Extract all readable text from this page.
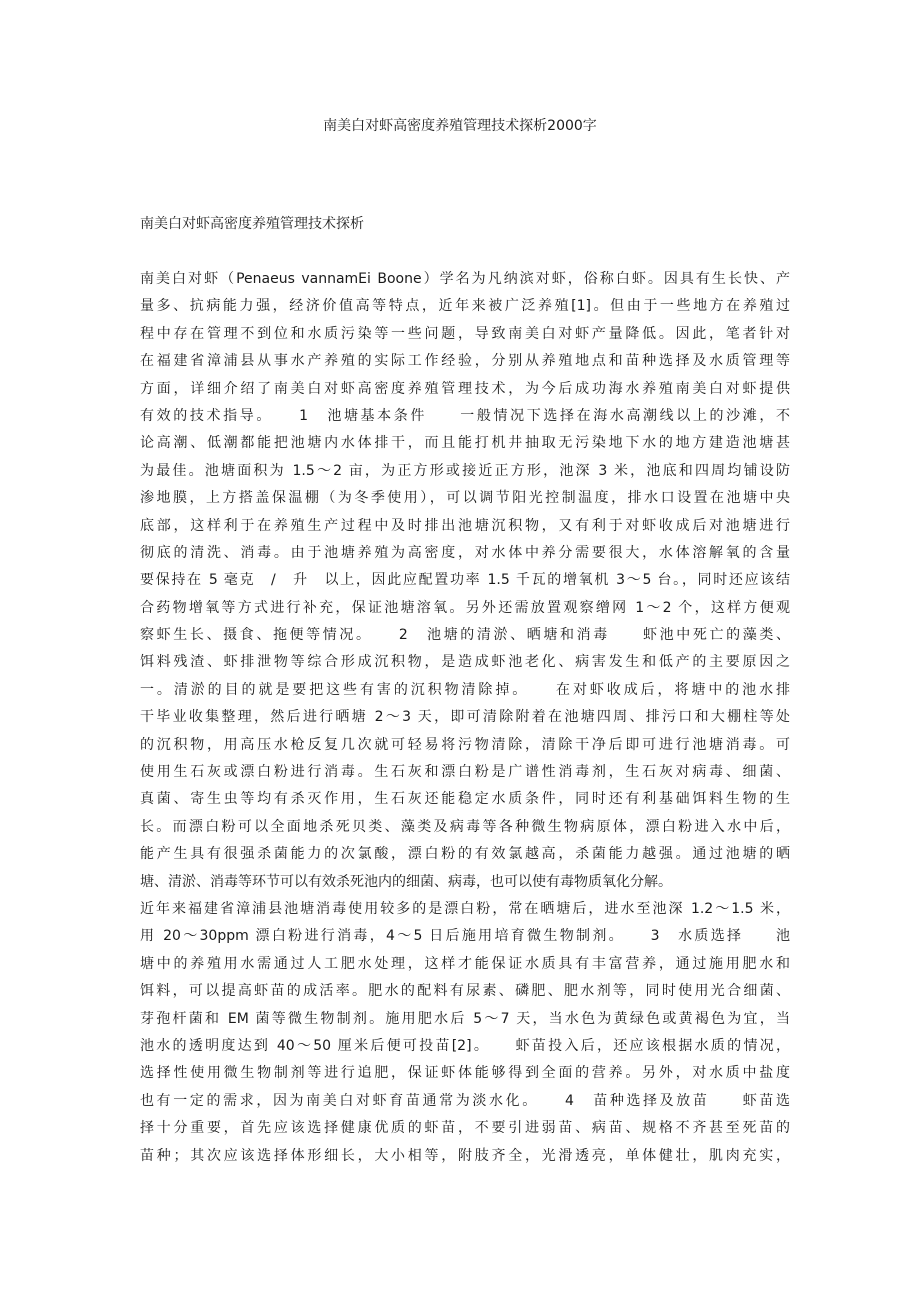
南美白对虾高密度养殖管理技术探析2000字
南美白对虾高密度养殖管理技术探析
南美白对虾（Penaeus vannamEi Boone）学名为凡纳滨对虾，俗称白虾。因具有生长快、产
量多、抗病能力强，经济价值高等特点，近年来被广泛养殖[1]。但由于一些地方在养殖过
程中存在管理不到位和水质污染等一些问题，导致南美白对虾产量降低。因此，笔者针对
在福建省漳浦县从事水产养殖的实际工作经验，分别从养殖地点和苗种选择及水质管理等
方面，详细介绍了南美白对虾高密度养殖管理技术，为今后成功海水养殖南美白对虾提供
有效的技术指导。　　1　池塘基本条件　　一般情况下选择在海水高潮线以上的沙滩，不
论高潮、低潮都能把池塘内水体排干，而且能打机井抽取无污染地下水的地方建造池塘甚
为最佳。池塘面积为 1.5～2 亩，为正方形或接近正方形，池深 3 米，池底和四周均铺设防
渗地膜，上方搭盖保温棚（为冬季使用），可以调节阳光控制温度，排水口设置在池塘中央
底部，这样利于在养殖生产过程中及时排出池塘沉积物，又有利于对虾收成后对池塘进行
彻底的清洗、消毒。由于池塘养殖为高密度，对水体中养分需要很大，水体溶解氧的含量
要保持在 5 毫克　/　升　以上，因此应配置功率 1.5 千瓦的增氧机 3～5 台。，同时还应该结
合药物增氧等方式进行补充，保证池塘溶氧。另外还需放置观察缯网 1～2 个，这样方便观
察虾生长、摄食、拖便等情况。　　2　池塘的清淤、晒塘和消毒　　虾池中死亡的藻类、
饵料残渣、虾排泄物等综合形成沉积物，是造成虾池老化、病害发生和低产的主要原因之
一。清淤的目的就是要把这些有害的沉积物清除掉。　　在对虾收成后，将塘中的池水排
干毕业收集整理，然后进行晒塘 2～3 天，即可清除附着在池塘四周、排污口和大棚柱等处
的沉积物，用高压水枪反复几次就可轻易将污物清除，清除干净后即可进行池塘消毒。可
使用生石灰或漂白粉进行消毒。生石灰和漂白粉是广谱性消毒剂，生石灰对病毒、细菌、
真菌、寄生虫等均有杀灭作用，生石灰还能稳定水质条件，同时还有利基础饵料生物的生
长。而漂白粉可以全面地杀死贝类、藻类及病毒等各种微生物病原体，漂白粉进入水中后，
能产生具有很强杀菌能力的次氯酸，漂白粉的有效氯越高，杀菌能力越强。通过池塘的晒
塘、清淤、消毒等环节可以有效杀死池内的细菌、病毒，也可以使有毒物质氧化分解。
近年来福建省漳浦县池塘消毒使用较多的是漂白粉，常在晒塘后，进水至池深 1.2～1.5 米，
用 20～30ppm 漂白粉进行消毒，4～5 日后施用培育微生物制剂。　　3　水质选择　　池
塘中的养殖用水需通过人工肥水处理，这样才能保证水质具有丰富营养，通过施用肥水和
饵料，可以提高虾苗的成活率。肥水的配料有尿素、磷肥、肥水剂等，同时使用光合细菌、
芽孢杆菌和 EM 菌等微生物制剂。施用肥水后 5～7 天，当水色为黄绿色或黄褐色为宜，当
池水的透明度达到 40～50 厘米后便可投苗[2]。　　虾苗投入后，还应该根据水质的情况，
选择性使用微生物制剂等进行追肥，保证虾体能够得到全面的营养。另外，对水质中盐度
也有一定的需求，因为南美白对虾育苗通常为淡水化。　　4　苗种选择及放苗　　虾苗选
择十分重要，首先应该选择健康优质的虾苗，不要引进弱苗、病苗、规格不齐甚至死苗的
苗种；其次应该选择体形细长，大小相等，附肢齐全，光滑透亮，单体健壮，肌肉充实，
